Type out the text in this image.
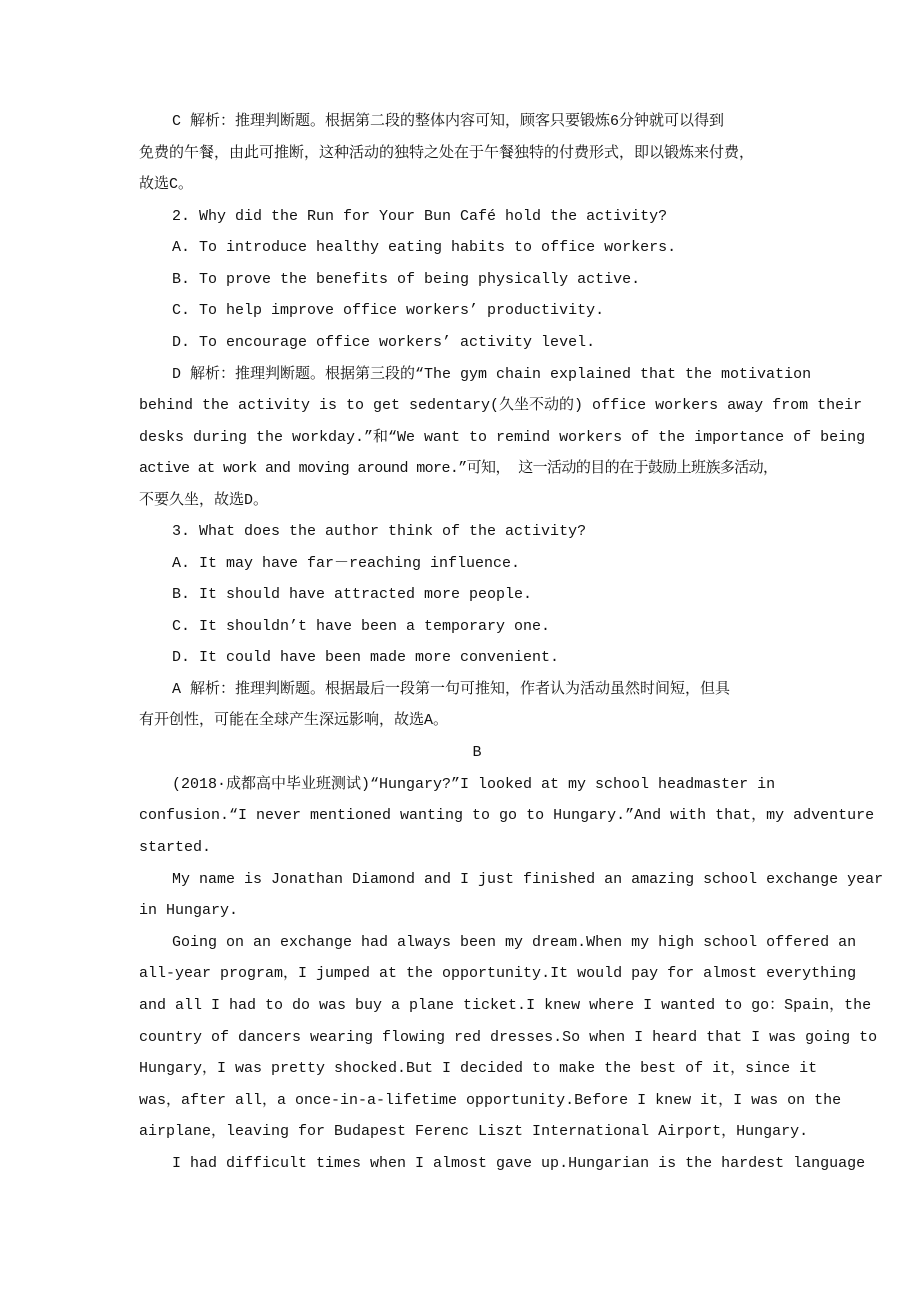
C 解析：推理判断题。根据第二段的整体内容可知，顾客只要锻炼6分钟就可以得到
免费的午餐，由此可推断，这种活动的独特之处在于午餐独特的付费形式，即以锻炼来付费，
故选C。
2. Why did the Run for Your Bun Café hold the activity?
A. To introduce healthy eating habits to office workers.
B. To prove the benefits of being physically active.
C. To help improve office workers’ productivity.
D. To encourage office workers’ activity level.
D 解析：推理判断题。根据第三段的“The gym chain explained that the motivation
behind the activity is to get sedentary(久坐不动的) office workers away from their
desks during the workday.”和“We want to remind workers of the importance of being
active at work and moving around more.”可知， 这一活动的目的在于鼓励上班族多活动，
不要久坐，故选D。
3. What does the author think of the activity?
A. It may have far－reaching influence.
B. It should have attracted more people.
C. It shouldn’t have been a temporary one.
D. It could have been made more convenient.
A 解析：推理判断题。根据最后一段第一句可推知，作者认为活动虽然时间短，但具
有开创性，可能在全球产生深远影响，故选A。
B
(2018·成都高中毕业班测试)“Hungary?”I looked at my school headmaster in
confusion.“I never mentioned wanting to go to Hungary.”And with that，my adventure
started.
My name is Jonathan Diamond and I just finished an amazing school exchange year
in Hungary.
Going on an exchange had always been my dream.When my high school offered an
all-year program，I jumped at the opportunity.It would pay for almost everything
and all I had to do was buy a plane ticket.I knew where I wanted to go：Spain，the
country of dancers wearing flowing red dresses.So when I heard that I was going to
Hungary，I was pretty shocked.But I decided to make the best of it，since it
was，after all，a once-in-a-lifetime opportunity.Before I knew it，I was on the
airplane，leaving for Budapest Ferenc Liszt International Airport，Hungary.
I had difficult times when I almost gave up.Hungarian is the hardest language
